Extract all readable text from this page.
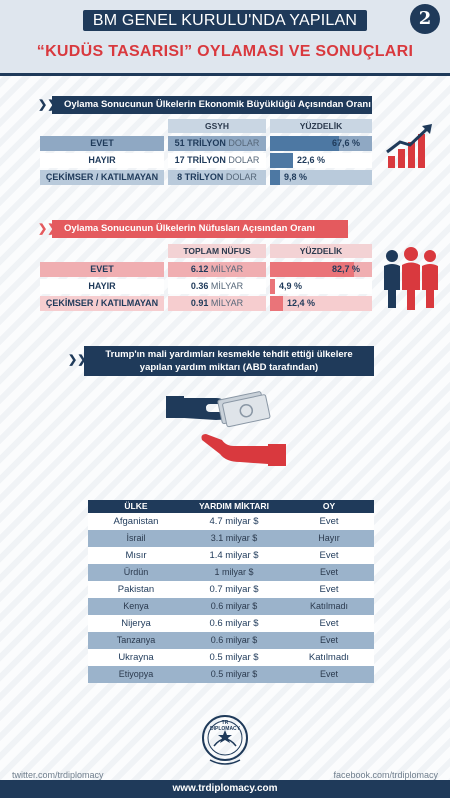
BM GENEL KURULU'NDA YAPILAN
“KUDÜS TASARISI” OYLAMASI VE SONUÇLARI
2
❯❯ Oylama Sonucunun Ülkelerin Ekonomik Büyüklüğü Açısından Oranı
GSYH	YÜZDELİK
EVET	51 TRİLYON DOLAR	67,6 %
HAYIR	17 TRİLYON DOLAR	22,6 %
ÇEKİMSER / KATILMAYAN	8 TRİLYON DOLAR	9,8 %
❯❯ Oylama Sonucunun Ülkelerin Nüfusları Açısından Oranı
TOPLAM NÜFUS	YÜZDELİK
EVET	6.12 MİLYAR	82,7 %
HAYIR	0.36 MİLYAR	4,9 %
ÇEKİMSER / KATILMAYAN	0.91 MİLYAR	12,4 %
❯❯	Trump'ın mali yardımları kesmekle tehdit ettiği ülkelere
yapılan yardım miktarı (ABD tarafından)
ÜLKE	YARDIM MİKTARI	OY
Afganistan	4.7 milyar $	Evet
İsrail	3.1 milyar $	Hayır
Mısır	1.4 milyar $	Evet
Ürdün	1 milyar $	Evet
Pakistan	0.7 milyar $	Evet
Kenya	0.6 milyar $	Katılmadı
Nijerya	0.6 milyar $	Evet
Tanzanya	0.6 milyar $	Evet
Ukrayna	0.5 milyar $	Katılmadı
Etiyopya	0.5 milyar $	Evet
TR
DIPLOMACY
twitter.com/trdiplomacy	facebook.com/trdiplomacy
www.trdiplomacy.com
